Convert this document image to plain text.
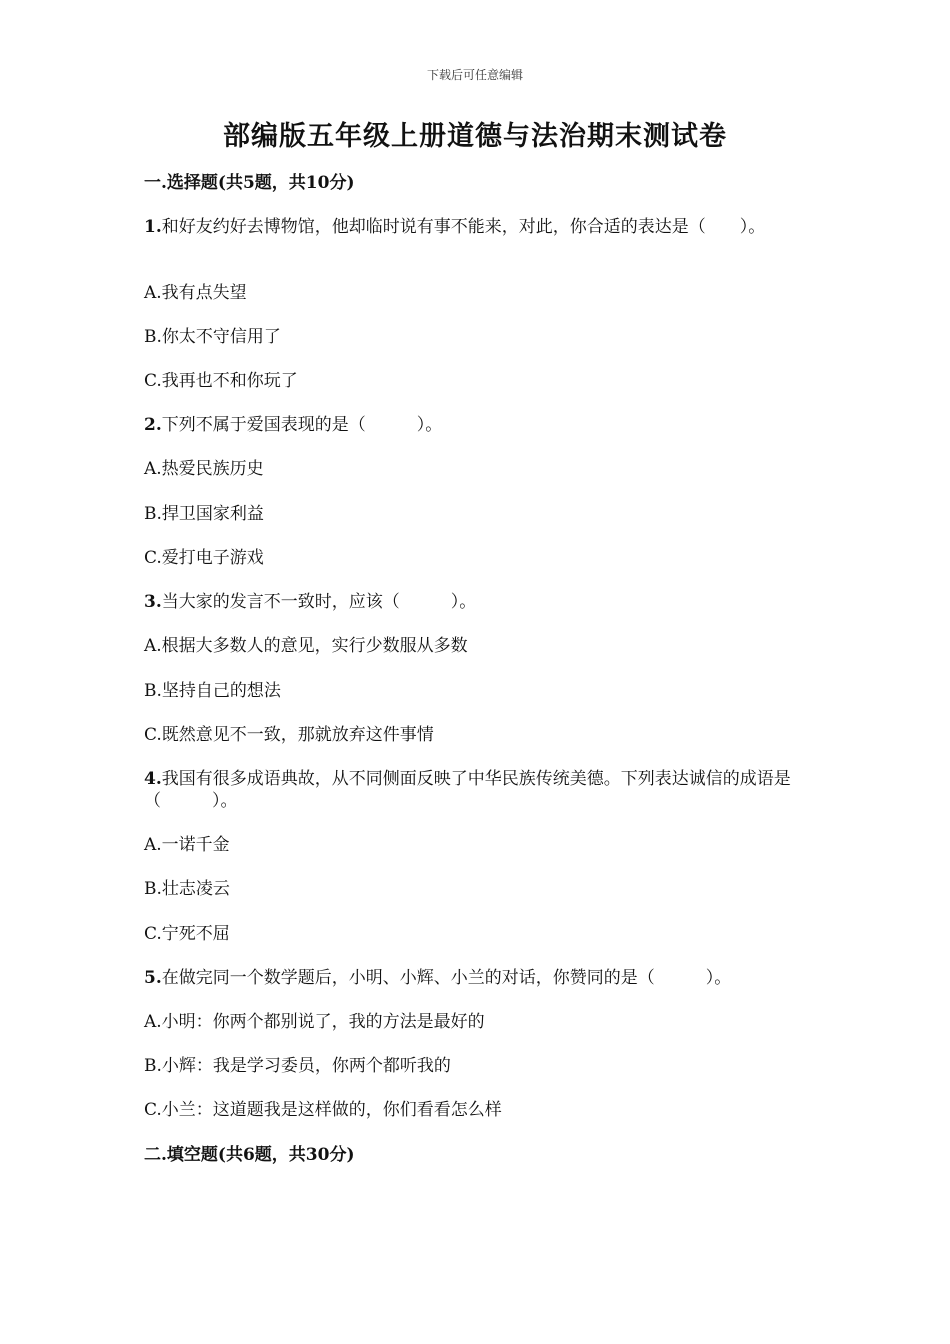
下载后可任意编辑
部编版五年级上册道德与法治期末测试卷
一.选择题(共5题，共10分)
1.和好友约好去博物馆，他却临时说有事不能来，对此，你合适的表达是（　　）。
A.我有点失望
B.你太不守信用了
C.我再也不和你玩了
2.下列不属于爱国表现的是（　　　）。
A.热爱民族历史
B.捍卫国家利益
C.爱打电子游戏
3.当大家的发言不一致时，应该（　　　）。
A.根据大多数人的意见，实行少数服从多数
B.坚持自己的想法
C.既然意见不一致，那就放弃这件事情
4.我国有很多成语典故，从不同侧面反映了中华民族传统美德。下列表达诚信的成语是（　　　）。
A.一诺千金
B.壮志凌云
C.宁死不屈
5.在做完同一个数学题后，小明、小辉、小兰的对话，你赞同的是（　　　）。
A.小明：你两个都别说了，我的方法是最好的
B.小辉：我是学习委员，你两个都听我的
C.小兰：这道题我是这样做的，你们看看怎么样
二.填空题(共6题，共30分)
